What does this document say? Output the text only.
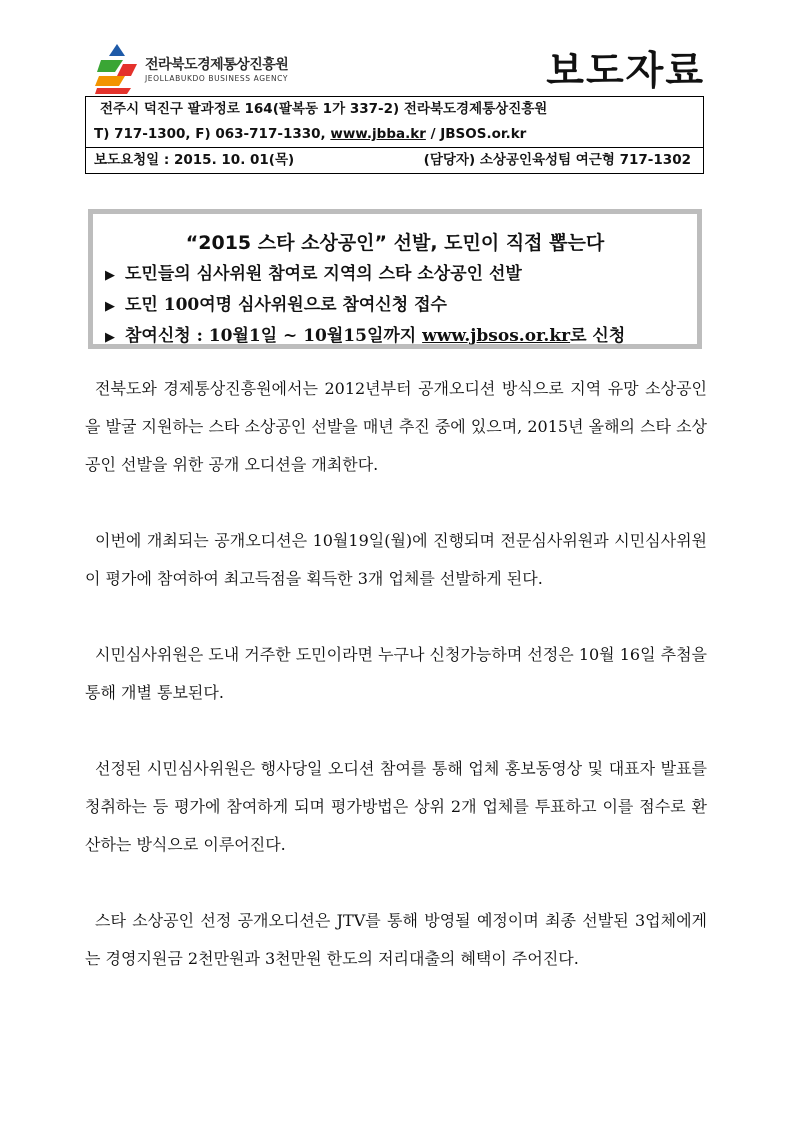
전라북도경제통상진흥원
JEOLLABUKDO BUSINESS AGENCY	보도자료
전주시 덕진구 팔과정로 164(팔복동 1가 337-2) 전라북도경제통상진흥원
T) 717-1300, F) 063-717-1330, www.jbba.kr / JBSOS.or.kr
보도요청일 : 2015. 10. 01(목)	(담당자) 소상공인육성팀 여근형 717-1302
“2015 스타 소상공인” 선발, 도민이 직접 뽑는다
▶ 도민들의 심사위원 참여로 지역의 스타 소상공인 선발
▶ 도민 100여명 심사위원으로 참여신청 접수
▶ 참여신청 : 10월1일 ~ 10월15일까지 www.jbsos.or.kr로 신청

전북도와 경제통상진흥원에서는 2012년부터 공개오디션 방식으로 지역 유망 소상공인을 발굴 지원하는 스타 소상공인 선발을 매년 추진 중에 있으며, 2015년 올해의 스타 소상공인 선발을 위한 공개 오디션을 개최한다.

이번에 개최되는 공개오디션은 10월19일(월)에 진행되며 전문심사위원과 시민심사위원이 평가에 참여하여 최고득점을 획득한 3개 업체를 선발하게 된다.

시민심사위원은 도내 거주한 도민이라면 누구나 신청가능하며 선정은 10월 16일 추첨을 통해 개별 통보된다.

선정된 시민심사위원은 행사당일 오디션 참여를 통해 업체 홍보동영상 및 대표자 발표를 청취하는 등 평가에 참여하게 되며 평가방법은 상위 2개 업체를 투표하고 이를 점수로 환산하는 방식으로 이루어진다.

스타 소상공인 선정 공개오디션은 JTV를 통해 방영될 예정이며 최종 선발된 3업체에게는 경영지원금 2천만원과 3천만원 한도의 저리대출의 혜택이 주어진다.
